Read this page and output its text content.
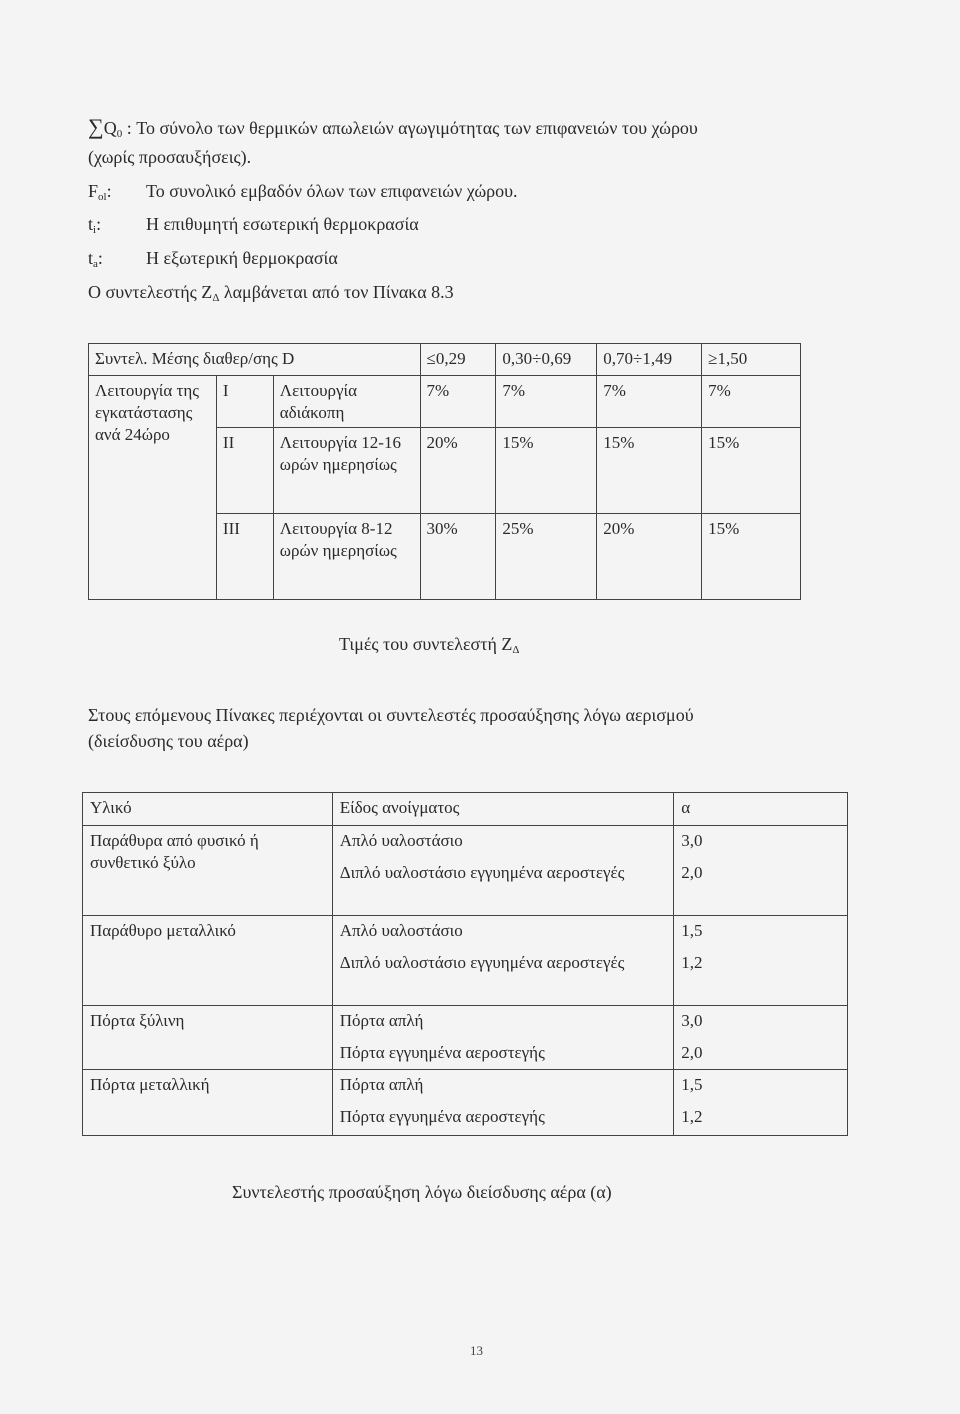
$\sum Q_0$ : Το σύνολο των θερμικών απωλειών αγωγιμότητας των επιφανειών του χώρου
(χωρίς προσαυξήσεις).
$F_{ol}$: Το συνολικό εμβαδόν όλων των επιφανειών χώρου.
$t_i$: Η επιθυμητή εσωτερική θερμοκρασία
$t_a$: Η εξωτερική θερμοκρασία
Ο συντελεστής $Z_\Delta$ λαμβάνεται από τον Πίνακα 8.3
Συντελ. Μέσης διαθερ/σης D			≤0,29	0,30÷0,69	0,70÷1,49	≥1,50
Λειτουργία της εγκατάστασης ανά 24ώρο	I	Λειτουργία αδιάκοπη	7%	7%	7%	7%
	II	Λειτουργία 12-16 ωρών ημερησίως	20%	15%	15%	15%
	III	Λειτουργία 8-12 ωρών ημερησίως	30%	25%	20%	15%
Τιμές του συντελεστή $Z_\Delta$
Στους επόμενους Πίνακες περιέχονται οι συντελεστές προσαύξησης λόγω αερισμού
(διείσδυσης του αέρα)
Υλικό	Είδος ανοίγματος	α
Παράθυρα από φυσικό ή συνθετικό ξύλο	Απλό υαλοστάσιο	3,0
	Διπλό υαλοστάσιο εγγυημένα αεροστεγές	2,0
Παράθυρο μεταλλικό	Απλό υαλοστάσιο	1,5
	Διπλό υαλοστάσιο εγγυημένα αεροστεγές	1,2
Πόρτα ξύλινη	Πόρτα απλή	3,0
	Πόρτα εγγυημένα αεροστεγής	2,0
Πόρτα μεταλλική	Πόρτα απλή	1,5
	Πόρτα εγγυημένα αεροστεγής	1,2
Συντελεστής προσαύξηση λόγω διείσδυσης αέρα (α)
13
